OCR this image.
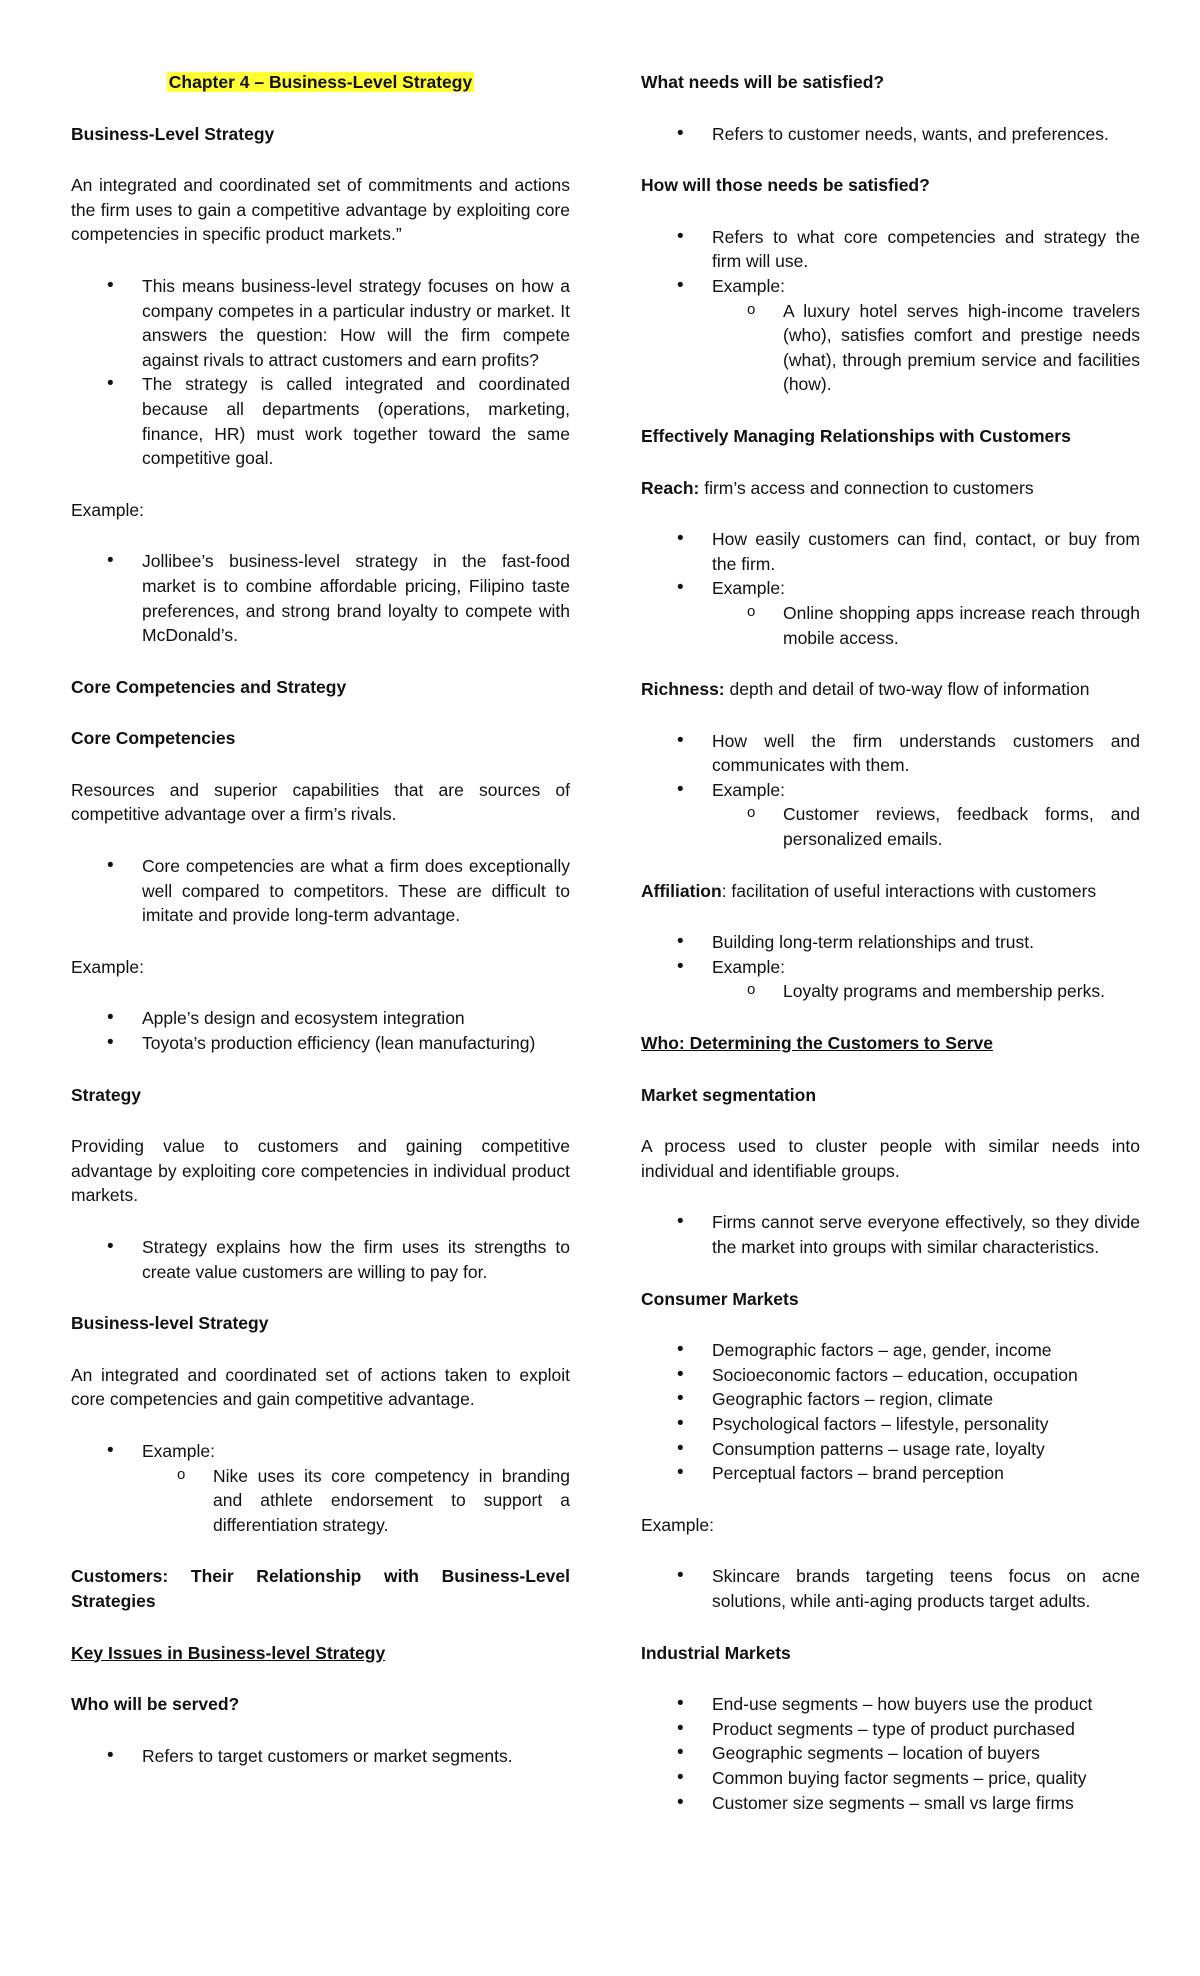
Chapter 4 – Business-Level Strategy
Business-Level Strategy

An integrated and coordinated set of commitments and actions the firm uses to gain a competitive advantage by exploiting core competencies in specific product markets.”

• This means business-level strategy focuses on how a company competes in a particular industry or market. It answers the question: How will the firm compete against rivals to attract customers and earn profits?
• The strategy is called integrated and coordinated because all departments (operations, marketing, finance, HR) must work together toward the same competitive goal.
Example:
• Jollibee’s business-level strategy in the fast-food market is to combine affordable pricing, Filipino taste preferences, and strong brand loyalty to compete with McDonald’s.
Core Competencies and Strategy
Core Competencies

Resources and superior capabilities that are sources of competitive advantage over a firm’s rivals.

• Core competencies are what a firm does exceptionally well compared to competitors. These are difficult to imitate and provide long-term advantage.
Example:
• Apple’s design and ecosystem integration
• Toyota’s production efficiency (lean manufacturing)
Strategy

Providing value to customers and gaining competitive advantage by exploiting core competencies in individual product markets.

• Strategy explains how the firm uses its strengths to create value customers are willing to pay for.
Business-level Strategy

An integrated and coordinated set of actions taken to exploit core competencies and gain competitive advantage.

• Example:
o Nike uses its core competency in branding and athlete endorsement to support a differentiation strategy.

Customers: Their Relationship with Business-Level Strategies

Key Issues in Business-level Strategy
Who will be served?
• Refers to target customers or market segments.
What needs will be satisfied?
• Refers to customer needs, wants, and preferences.
How will those needs be satisfied?
• Refers to what core competencies and strategy the firm will use.
• Example:
o A luxury hotel serves high-income travelers (who), satisfies comfort and prestige needs (what), through premium service and facilities (how).
Effectively Managing Relationships with Customers
Reach: firm’s access and connection to customers
• How easily customers can find, contact, or buy from the firm.
• Example:
o Online shopping apps increase reach through mobile access.
Richness: depth and detail of two-way flow of information
• How well the firm understands customers and communicates with them.
• Example:
o Customer reviews, feedback forms, and personalized emails.

Affiliation: facilitation of useful interactions with customers

• Building long-term relationships and trust.
• Example:
o Loyalty programs and membership perks.
Who: Determining the Customers to Serve
Market segmentation

A process used to cluster people with similar needs into individual and identifiable groups.

• Firms cannot serve everyone effectively, so they divide the market into groups with similar characteristics.
Consumer Markets
• Demographic factors – age, gender, income
• Socioeconomic factors – education, occupation
• Geographic factors – region, climate
• Psychological factors – lifestyle, personality
• Consumption patterns – usage rate, loyalty
• Perceptual factors – brand perception
Example:
• Skincare brands targeting teens focus on acne solutions, while anti-aging products target adults.
Industrial Markets
• End-use segments – how buyers use the product
• Product segments – type of product purchased
• Geographic segments – location of buyers
• Common buying factor segments – price, quality
• Customer size segments – small vs large firms
